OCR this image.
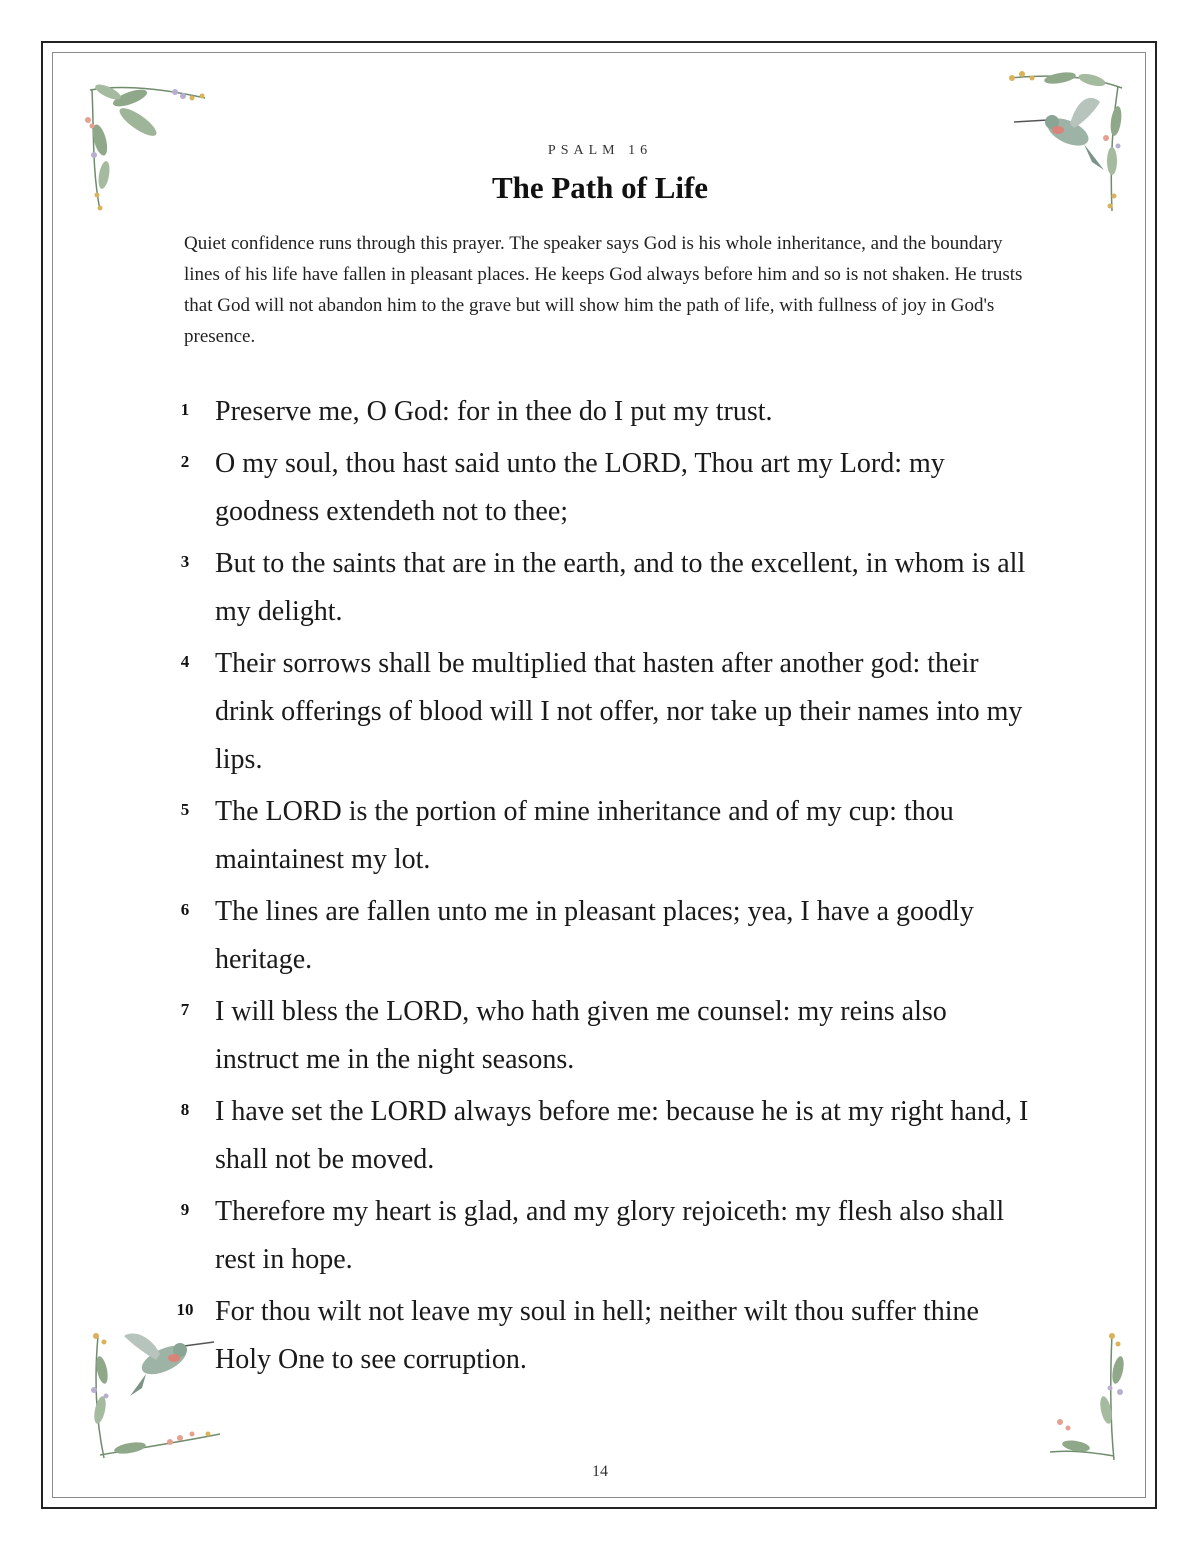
PSALM 16
The Path of Life

Quiet confidence runs through this prayer. The speaker says God is his whole inheritance, and the boundary lines of his life have fallen in pleasant places. He keeps God always before him and so is not shaken. He trusts that God will not abandon him to the grave but will show him the path of life, with fullness of joy in God's presence.

1 Preserve me, O God: for in thee do I put my trust.
2 O my soul, thou hast said unto the LORD, Thou art my Lord: my goodness extendeth not to thee;
3 But to the saints that are in the earth, and to the excellent, in whom is all my delight.
4 Their sorrows shall be multiplied that hasten after another god: their drink offerings of blood will I not offer, nor take up their names into my lips.
5 The LORD is the portion of mine inheritance and of my cup: thou maintainest my lot.
6 The lines are fallen unto me in pleasant places; yea, I have a goodly heritage.
7 I will bless the LORD, who hath given me counsel: my reins also instruct me in the night seasons.
8 I have set the LORD always before me: because he is at my right hand, I shall not be moved.
9 Therefore my heart is glad, and my glory rejoiceth: my flesh also shall rest in hope.
10 For thou wilt not leave my soul in hell; neither wilt thou suffer thine Holy One to see corruption.
14
